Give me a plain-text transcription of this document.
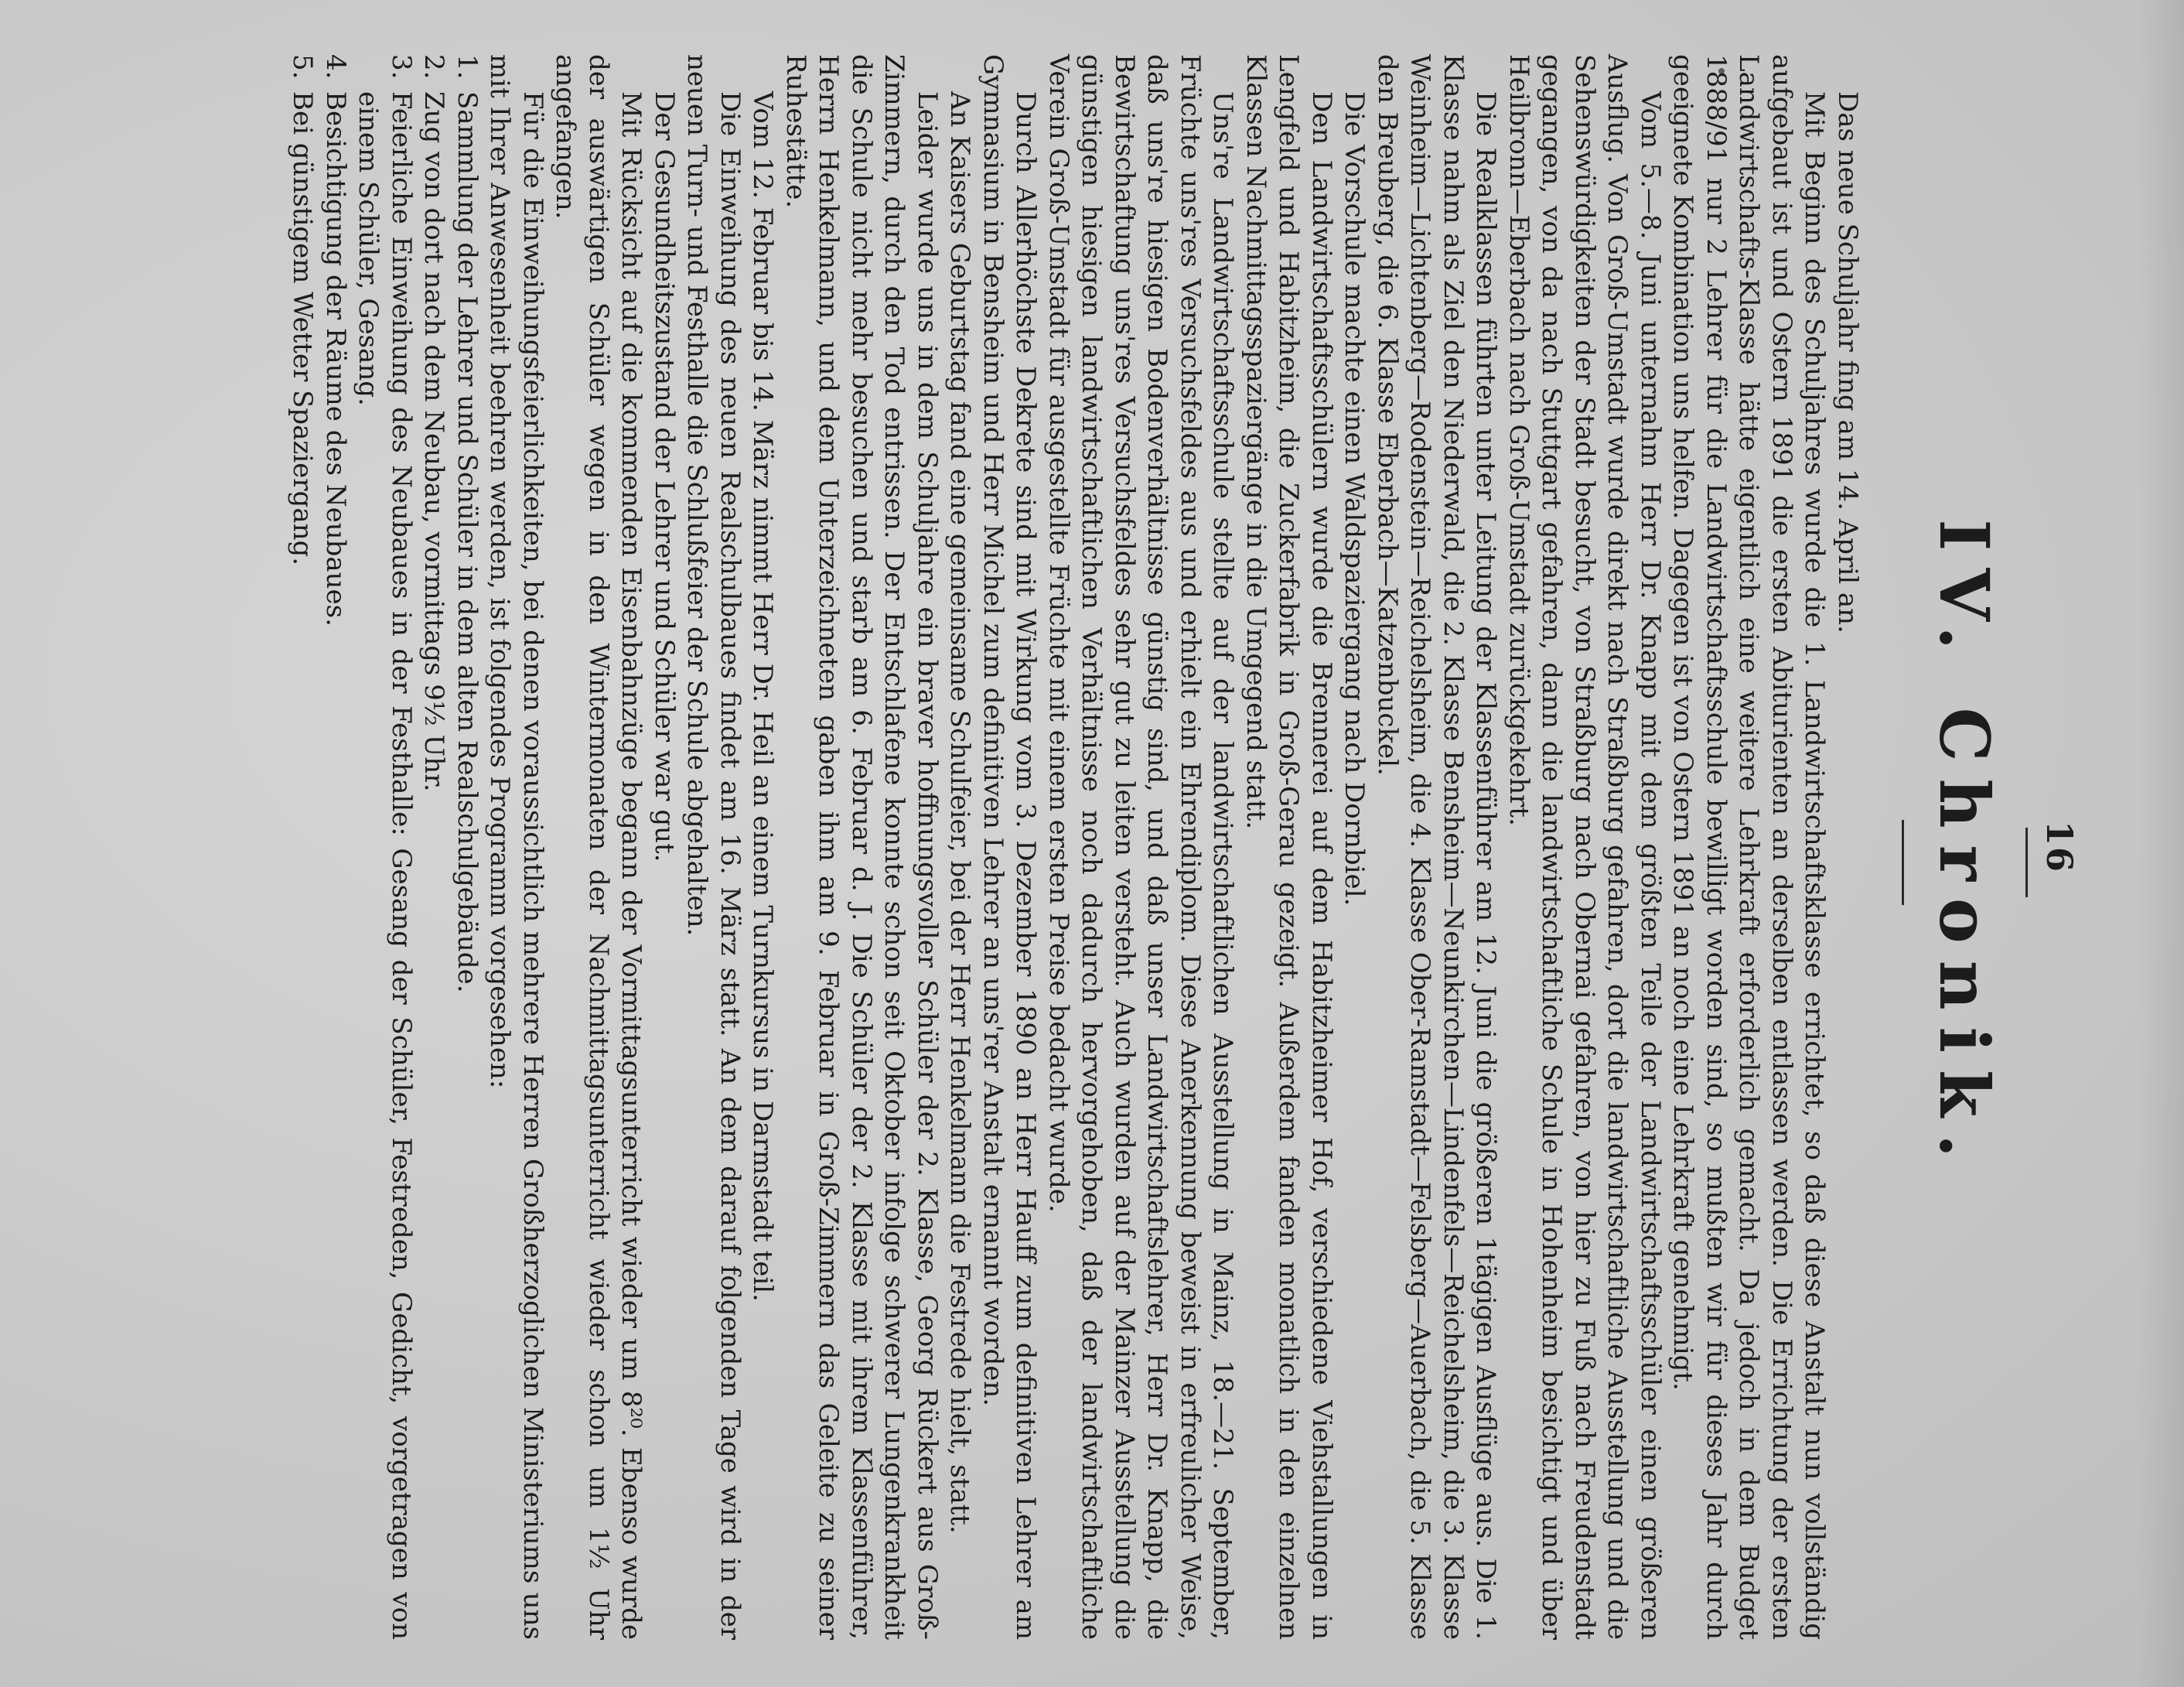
16
IV. Chronik.

Das neue Schuljahr fing am 14. April an.

Mit Beginn des Schuljahres wurde die 1. Landwirtschaftsklasse errichtet, so daß diese Anstalt nun vollständig aufgebaut ist und Ostern 1891 die ersten Abiturienten an derselben entlassen werden. Die Errichtung der ersten Landwirtschafts-Klasse hätte eigentlich eine weitere Lehrkraft erforderlich gemacht. Da jedoch in dem Budget 1888/91 nur 2 Lehrer für die Landwirtschaftsschule bewilligt worden sind, so mußten wir für dieses Jahr durch geeignete Kombination uns helfen. Dagegen ist von Ostern 1891 an noch eine Lehrkraft genehmigt.

Vom 5.—8. Juni unternahm Herr Dr. Knapp mit dem größten Teile der Landwirtschaftsschüler einen größeren Ausflug. Von Groß-Umstadt wurde direkt nach Straßburg gefahren, dort die landwirtschaftliche Ausstellung und die Sehenswürdigkeiten der Stadt besucht, von Straßburg nach Obernai gefahren, von hier zu Fuß nach Freudenstadt gegangen, von da nach Stuttgart gefahren, dann die landwirtschaftliche Schule in Hohenheim besichtigt und über Heilbronn—Eberbach nach Groß-Umstadt zurückgekehrt.

Die Realklassen führten unter Leitung der Klassenführer am 12. Juni die größeren 1tägigen Ausflüge aus. Die 1. Klasse nahm als Ziel den Niederwald, die 2. Klasse Bensheim—Neunkirchen—Lindenfels—Reichelsheim, die 3. Klasse Weinheim—Lichtenberg—Rodenstein—Reichelsheim, die 4. Klasse Ober-Ramstadt—Felsberg—Auerbach, die 5. Klasse den Breuberg, die 6. Klasse Eberbach—Katzenbuckel.

Die Vorschule machte einen Waldspaziergang nach Dornbiel.

Den Landwirtschaftsschülern wurde die Brennerei auf dem Habitzheimer Hof, verschiedene Viehstallungen in Lengfeld und Habitzheim, die Zuckerfabrik in Groß-Gerau gezeigt. Außerdem fanden monatlich in den einzelnen Klassen Nachmittagsspaziergänge in die Umgegend statt.

Uns're Landwirtschaftsschule stellte auf der landwirtschaftlichen Ausstellung in Mainz, 18.—21. September, Früchte uns'res Versuchsfeldes aus und erhielt ein Ehrendiplom. Diese Anerkennung beweist in erfreulicher Weise, daß uns're hiesigen Bodenverhältnisse günstig sind, und daß unser Landwirtschaftslehrer, Herr Dr. Knapp, die Bewirtschaftung uns'res Versuchsfeldes sehr gut zu leiten versteht. Auch wurden auf der Mainzer Ausstellung die günstigen hiesigen landwirtschaftlichen Verhältnisse noch dadurch hervorgehoben, daß der landwirtschaftliche Verein Groß-Umstadt für ausgestellte Früchte mit einem ersten Preise bedacht wurde.

Durch Allerhöchste Dekrete sind mit Wirkung vom 3. Dezember 1890 an Herr Hauff zum definitiven Lehrer am Gymnasium in Bensheim und Herr Michel zum definitiven Lehrer an uns'rer Anstalt ernannt worden.

An Kaisers Geburtstag fand eine gemeinsame Schulfeier, bei der Herr Henkelmann die Festrede hielt, statt.

Leider wurde uns in dem Schuljahre ein braver hoffnungsvoller Schüler der 2. Klasse, Georg Rückert aus Groß-Zimmern, durch den Tod entrissen. Der Entschlafene konnte schon seit Oktober infolge schwerer Lungenkrankheit die Schule nicht mehr besuchen und starb am 6. Februar d. J. Die Schüler der 2. Klasse mit ihrem Klassenführer, Herrn Henkelmann, und dem Unterzeichneten gaben ihm am 9. Februar in Groß-Zimmern das Geleite zu seiner Ruhestätte.

Vom 12. Februar bis 14. März nimmt Herr Dr. Heil an einem Turnkursus in Darmstadt teil.

Die Einweihung des neuen Realschulbaues findet am 16. März statt. An dem darauf folgenden Tage wird in der neuen Turn- und Festhalle die Schlußfeier der Schule abgehalten.

Der Gesundheitszustand der Lehrer und Schüler war gut.

Mit Rücksicht auf die kommenden Eisenbahnzüge begann der Vormittagsunterricht wieder um 8²⁰. Ebenso wurde der auswärtigen Schüler wegen in den Wintermonaten der Nachmittagsunterricht wieder schon um 1½ Uhr angefangen.

Für die Einweihungsfeierlichkeiten, bei denen voraussichtlich mehrere Herren Großherzoglichen Ministeriums uns mit Ihrer Anwesenheit beehren werden, ist folgendes Programm vorgesehen:

1.Sammlung der Lehrer und Schüler in dem alten Realschulgebäude.
2.Zug von dort nach dem Neubau, vormittags 9½ Uhr.
3.Feierliche Einweihung des Neubaues in der Festhalle: Gesang der Schüler, Festreden, Gedicht, vorgetragen von einem Schüler, Gesang.
4.Besichtigung der Räume des Neubaues.
5.Bei günstigem Wetter Spaziergang.
